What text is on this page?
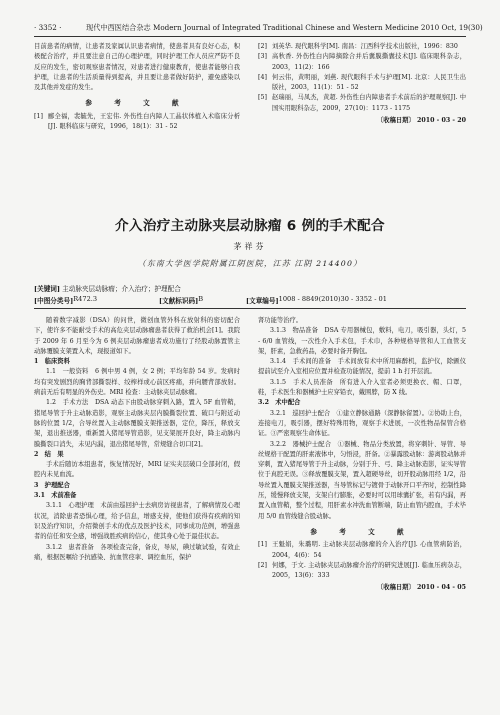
· 3352 ·	现代中西医结合杂志 Modern Journal of Integrated Traditional Chinese and Western Medicine 2010 Oct, 19(30)

目前患者的病情，让患者及家属认识患者病情，使患者具有良好心态，积极配合治疗，并且要注意自己的心理护理，同时护理工作人员应严防不良反应的发生，密切观察患者情况，对患者进行健康教育，使患者能够自我护理，让患者的生活质量得到提高，并且要让患者做好防护，避免感染以及其他并发症的发生。

参 考 文 献
[1] 郦全福，裴毓先，王宏伟. 外伤性白内障人工晶状体植入术临床分析[J]. 眼科临床与研究，1996，18(1)：31 - 52
[2] 刘英华. 现代眼科学[M]. 南昌：江西科学技术出版社，1996：830
[3] 高秋香. 外伤性白内障摘除合并后囊膜撕囊技术[J]. 临床眼科杂志，2003，11(2)：166
[4] 何云伟，黄明丽，刘燕. 现代眼科手术与护理[M]. 北京：人民卫生出版社，2003，11(1)：51 - 52
[5] 赵瑞丽，马凤杰，黄超. 外伤性白内障患者手术前后的护理观察[J]. 中国实用眼科杂志，2009，27(10)：1173 - 1175
〔收稿日期〕 2010 - 03 - 20
介入治疗主动脉夹层动脉瘤 6 例的手术配合
茅祥芬
（东南大学医学院附属江阴医院，江苏 江阴 214400）
[关键词] 主动脉夹层动脉瘤；介入治疗；护理配合
[中图分类号] R472.3	[文献标识码] B	[文章编号] 1008 - 8849(2010)30 - 3352 - 01

随着数字减影（DSA）的问世，微创血管外科在放射科的密切配合下，使许多不能耐受手术的高危夹层动脉瘤患者获得了救治机会[1]。我院于 2009 年 6 月至今为 6 例夹层动脉瘤患者成功施行了经股动脉置管主动脉覆膜支架置入术，现报道如下。

1　临床资料

1.1　一般资料　6 例中男 4 例，女 2 例；平均年龄 54 岁。发病时均有突发剧烈的胸背部撕裂样、绞榨样或心前区疼痛，并向腰背部放射。病前无后有明显的外伤史。MRI 检查：主动脉夹层动脉瘤。

1.2　手术方法　DSA 动态下由股动脉穿刺入路，置入 5F 血管鞘，猪尾导管于升主动脉造影，观察主动脉夹层内膜撕裂位置、破口与附近动脉的位置 1/2，合导丝置入主动脉覆膜支架推送器，定位，降压，释放支架，退出推送器，重新置入猪尾导管造影，见支架展开良好，降主动脉内膜撕裂口消失，未见内漏，退出猪尾导管，常规缝合切口[2]。

2　结　果

手术后随访本组患者，恢复情况好，MRI 证实夹层破口全部封闭，假腔内未见血流。

3　护理配合

3.1　术前准备

3.1.1　心理护理　术前由巡回护士去病房访视患者，了解病情及心理状况，消除患者恐惧心理，给予信息，增感支持，使他们获得有疾病的知识及治疗知识，介绍微创手术的优点及医护技术，同事成功范例，增强患者的信任和安全感，增强战胜疾病的信心，使其身心处于最佳状态。

3.1.2　患者准备　各项检查完备，备皮，导尿，碘过敏试验，有效止痛，根据医嘱给予抗感染、抗血管痉挛、调控血压，保护

肾功能等治疗。

3.1.3　物品准备　DSA 专用器械包，敷料，电刀，吸引器，头灯，5 - 6/0 血管线，一次性介入手术包，手术巾，各种规格导管和人工血管支架，肝素，急救药品，必要时备开胸包。

3.1.4　手术间的准备　手术间放有术中所用麻醉机，监护仪，除颤仪提前试至介入室相应位置并检查功能情况，提前 1 h 打开层流。

3.1.5　手术人员准备　所有进入介入室者必须更换衣、帽、口罩，鞋，手术医生和器械护士应穿铅衣，戴围脖，防 X 线。

3.2　术中配合

3.2.1　巡回护士配合　①建立静脉通路（深静脉留置）。②协助上台，连接电刀，吸引器，摆好特殊用物，观察手术进展，一次性物品保管合格证。③严密观察生命体征。

3.2.2　器械护士配合　①器械、物品分类放置，将穿刺针、导管、导丝规格干配置的肝素液体中，匀悟浸，肝备。②暴露股动脉：游离股动脉并穿刺，置入猪尾导管于升主动脉，分别于升、弓、降主动脉造影，证实导管位于真腔无误。③释放覆膜支架，置入超硬导丝，切开股动脉用经 1/2，沿导丝置入覆膜支架推送器，当导管标记与镀骨于动脉开口平齐时，控制性降压，缓慢释放支架，支架自行膨胀，必要时可以用球囊扩张，若有内漏，再置入血管鞘，整个过程，用肝素水冲洗血管断端，防止血管内腔血，手术毕用 5/0 血管线缝合股动脉。

参 考 文 献
[1] 王魁娟，朱璐明. 主动脉夹层动脉瘤的介入治疗[J]. 心血管病防治，2004，4(6)：54
[2] 何娜，于文. 主动脉夹层动脉瘤介治疗的研究进展[J]. 临血压病杂志，2005，13(6)：333
〔收稿日期〕 2010 - 04 - 05
